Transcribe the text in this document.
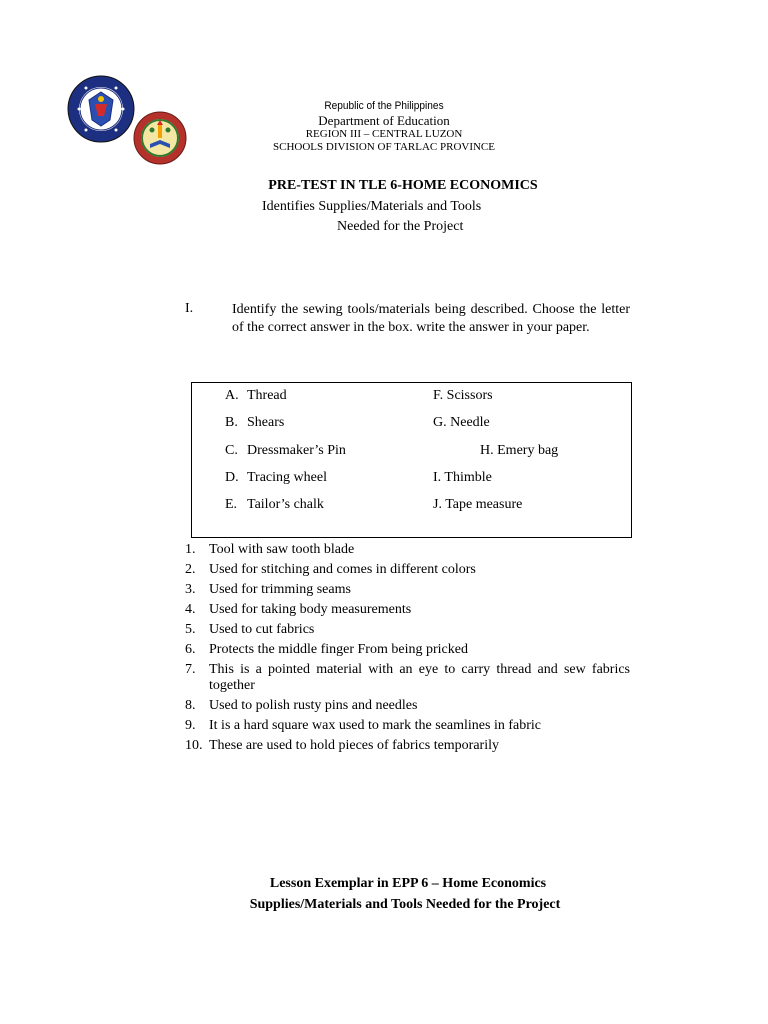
Republic of the Philippines
Department of Education
REGION III – CENTRAL LUZON
SCHOOLS DIVISION OF TARLAC PROVINCE
PRE-TEST IN TLE 6-HOME ECONOMICS
Identifies Supplies/Materials and Tools
Needed for the Project
I.	Identify the sewing tools/materials being described. Choose the letter of the correct answer in the box. write the answer in your paper.
A. Thread
B. Shears
C. Dressmaker’s Pin
D. Tracing wheel
E. Tailor’s chalk
F. Scissors
G. Needle
H. Emery bag
I. Thimble
J. Tape measure
1. Tool with saw tooth blade
2. Used for stitching and comes in different colors
3. Used for trimming seams
4. Used for taking body measurements
5. Used to cut fabrics
6. Protects the middle finger From being pricked
7. This is a pointed material with an eye to carry thread and sew fabrics together
8. Used to polish rusty pins and needles
9. It is a hard square wax used to mark the seamlines in fabric
10. These are used to hold pieces of fabrics temporarily
Lesson Exemplar in EPP 6 – Home Economics
Supplies/Materials and Tools Needed for the Project
